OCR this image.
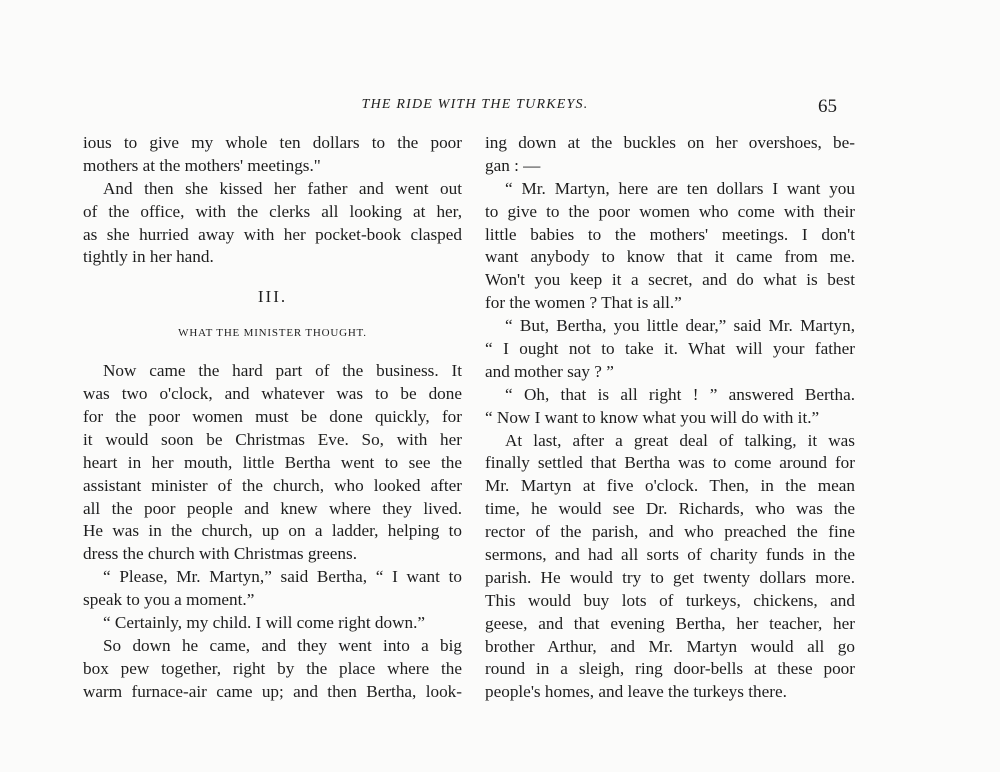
THE RIDE WITH THE TURKEYS.	65
ious to give my whole ten dollars to the poor
mothers at the mothers' meetings."
And then she kissed her father and went out
of the office, with the clerks all looking at her,
as she hurried away with her pocket-book clasped
tightly in her hand.
III.
WHAT THE MINISTER THOUGHT.
Now came the hard part of the business. It
was two o'clock, and whatever was to be done
for the poor women must be done quickly, for
it would soon be Christmas Eve. So, with her
heart in her mouth, little Bertha went to see the
assistant minister of the church, who looked after
all the poor people and knew where they lived.
He was in the church, up on a ladder, helping to
dress the church with Christmas greens.
“ Please, Mr. Martyn,” said Bertha, “ I want to
speak to you a moment.”
“ Certainly, my child. I will come right down.”
So down he came, and they went into a big
box pew together, right by the place where the
warm furnace-air came up; and then Bertha, look-
ing down at the buckles on her overshoes, be-
gan : —
“ Mr. Martyn, here are ten dollars I want you
to give to the poor women who come with their
little babies to the mothers' meetings. I don't
want anybody to know that it came from me.
Won't you keep it a secret, and do what is best
for the women ? That is all.”
“ But, Bertha, you little dear,” said Mr. Martyn,
“ I ought not to take it. What will your father
and mother say ? ”
“ Oh, that is all right ! ” answered Bertha.
“ Now I want to know what you will do with it.”
At last, after a great deal of talking, it was
finally settled that Bertha was to come around for
Mr. Martyn at five o'clock. Then, in the mean
time, he would see Dr. Richards, who was the
rector of the parish, and who preached the fine
sermons, and had all sorts of charity funds in the
parish. He would try to get twenty dollars more.
This would buy lots of turkeys, chickens, and
geese, and that evening Bertha, her teacher, her
brother Arthur, and Mr. Martyn would all go
round in a sleigh, ring door-bells at these poor
people's homes, and leave the turkeys there.
